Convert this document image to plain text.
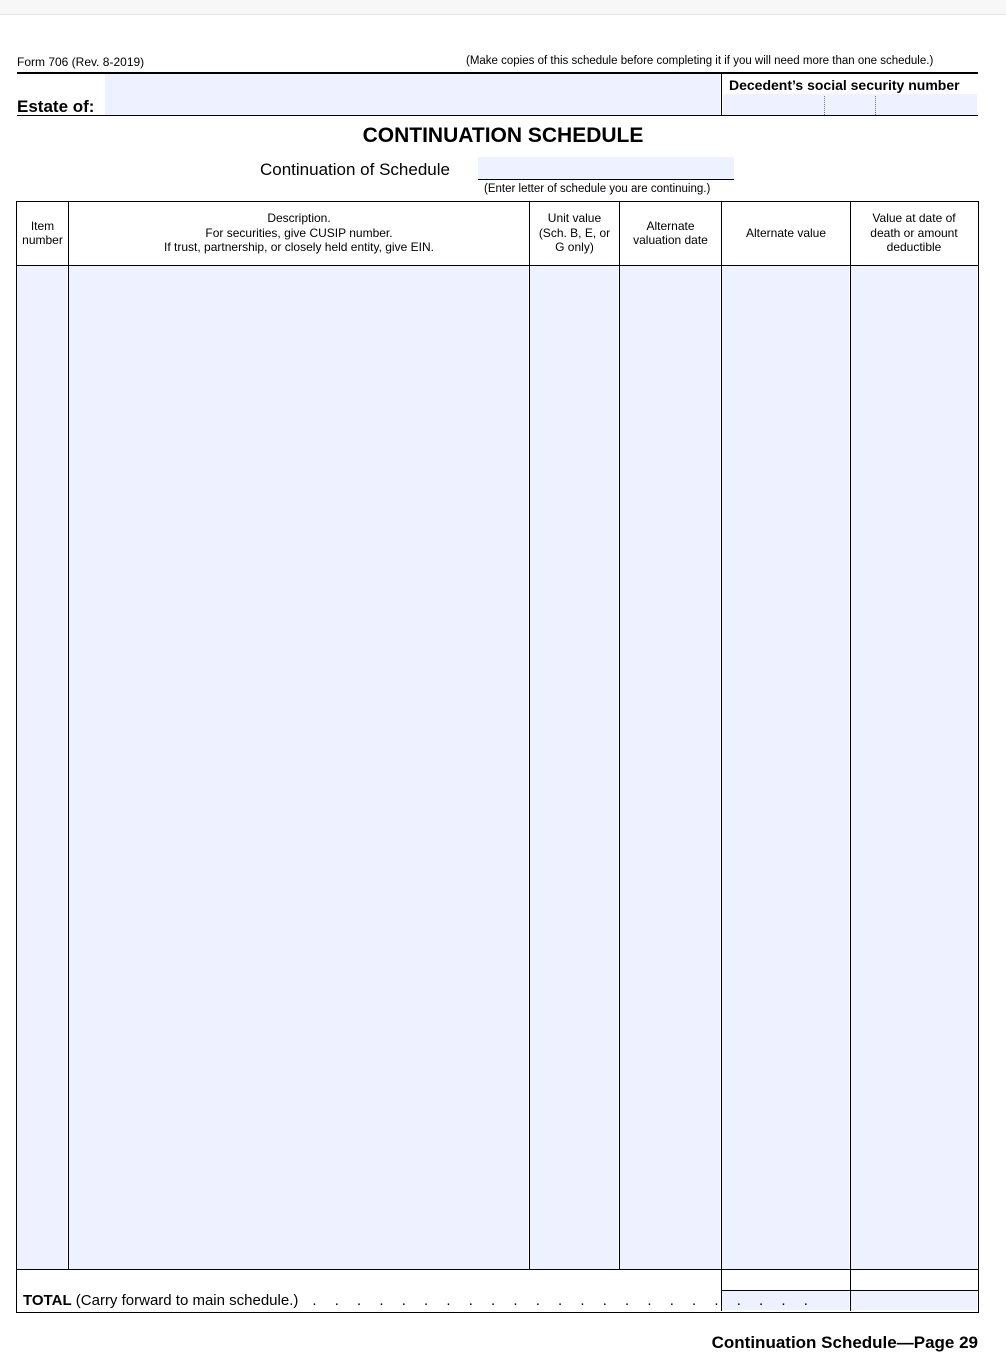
Form 706 (Rev. 8-2019)	(Make copies of this schedule before completing it if you will need more than one schedule.)
Estate of:
Decedent’s social security number
CONTINUATION SCHEDULE
Continuation of Schedule
(Enter letter of schedule you are continuing.)
Item
number
Description.
For securities, give CUSIP number.
If trust, partnership, or closely held entity, give EIN.
Unit value
(Sch. B, E, or
G only)
Alternate
valuation date
Alternate value
Value at date of
death or amount
deductible
TOTAL (Carry forward to main schedule.) . . . . . . . . . . . . . . . . . . . . . . .
Continuation Schedule—Page 29
